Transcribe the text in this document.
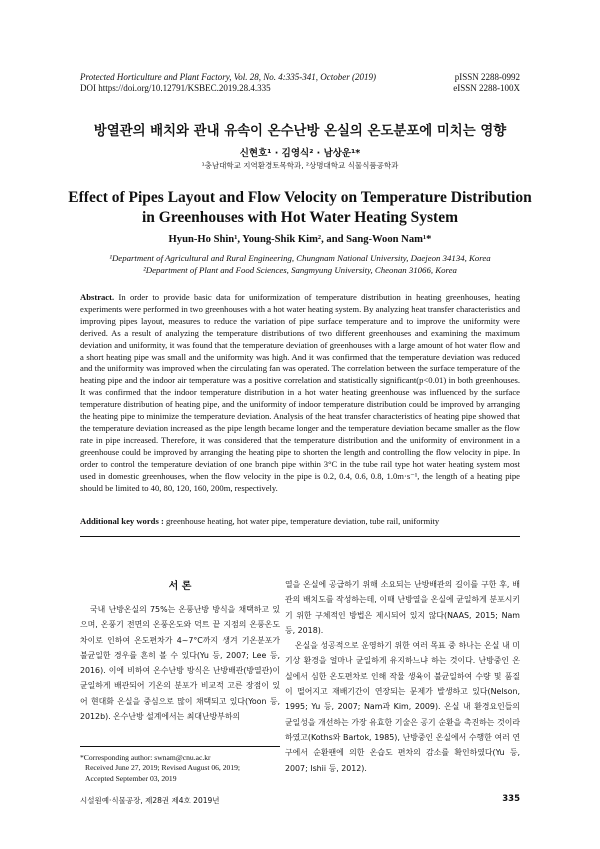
Protected Horticulture and Plant Factory, Vol. 28, No. 4:335-341, October (2019)
DOI https://doi.org/10.12791/KSBEC.2019.28.4.335
pISSN 2288-0992
eISSN 2288-100X
방열관의 배치와 관내 유속이 온수난방 온실의 온도분포에 미치는 영향
신현호¹ · 김영식² · 남상운¹*
¹충남대학교 지역환경토목학과, ²상명대학교 식물식품공학과
Effect of Pipes Layout and Flow Velocity on Temperature Distribution
in Greenhouses with Hot Water Heating System
Hyun-Ho Shin¹, Young-Shik Kim², and Sang-Woon Nam¹*
¹Department of Agricultural and Rural Engineering, Chungnam National University, Daejeon 34134, Korea
²Department of Plant and Food Sciences, Sangmyung University, Cheonan 31066, Korea
Abstract. In order to provide basic data for uniformization of temperature distribution in heating greenhouses, heating experiments were performed in two greenhouses with a hot water heating system. By analyzing heat transfer characteristics and improving pipes layout, measures to reduce the variation of pipe surface temperature and to improve the uniformity were derived. As a result of analyzing the temperature distributions of two different greenhouses and examining the maximum deviation and uniformity, it was found that the temperature deviation of greenhouses with a large amount of hot water flow and a short heating pipe was small and the uniformity was high. And it was confirmed that the temperature deviation was reduced and the uniformity was improved when the circulating fan was operated. The correlation between the surface temperature of the heating pipe and the indoor air temperature was a positive correlation and statistically significant(p<0.01) in both greenhouses. It was confirmed that the indoor temperature distribution in a hot water heating greenhouse was influenced by the surface temperature distribution of heating pipe, and the uniformity of indoor temperature distribution could be improved by arranging the heating pipe to minimize the temperature deviation. Analysis of the heat transfer characteristics of heating pipe showed that the temperature deviation increased as the pipe length became longer and the temperature deviation became smaller as the flow rate in pipe increased. Therefore, it was considered that the temperature distribution and the uniformity of environment in a greenhouse could be improved by arranging the heating pipe to shorten the length and controlling the flow velocity in pipe. In order to control the temperature deviation of one branch pipe within 3°C in the tube rail type hot water heating system most used in domestic greenhouses, when the flow velocity in the pipe is 0.2, 0.4, 0.6, 0.8, 1.0m·s⁻¹, the length of a heating pipe should be limited to 40, 80, 120, 160, 200m, respectively.
Additional key words : greenhouse heating, hot water pipe, temperature deviation, tube rail, uniformity
서 론

국내 난방온실의 75%는 온풍난방 방식을 채택하고 있으며, 온풍기 전면의 온풍온도와 덕트 끝 지점의 온풍온도 차이로 인하여 온도편차가 4~7°C까지 생겨 기온분포가 불균일한 경우를 흔히 볼 수 있다(Yu 등, 2007; Lee 등, 2016). 이에 비하여 온수난방 방식은 난방배관(방열관)이 균일하게 배관되어 기온의 분포가 비교적 고른 장점이 있어 현대화 온실을 중심으로 많이 채택되고 있다(Yoon 등, 2012b). 온수난방 설계에서는 최대난방부하의

*Corresponding author: swnam@cnu.ac.kr

Received June 27, 2019; Revised August 06, 2019;

Accepted September 03, 2019

열을 온실에 공급하기 위해 소요되는 난방배관의 길이를 구한 후, 배관의 배치도를 작성하는데, 이때 난방열을 온실에 균일하게 분포시키기 위한 구체적인 방법은 제시되어 있지 않다(NAAS, 2015; Nam 등, 2018).

온실을 성공적으로 운영하기 위한 여러 목표 중 하나는 온실 내 미기상 환경을 얼마나 균일하게 유지하느냐 하는 것이다. 난방중인 온실에서 심한 온도편차로 인해 작물 생육이 불균일하여 수량 및 품질이 떨어지고 재배기간이 연장되는 문제가 발생하고 있다(Nelson, 1995; Yu 등, 2007; Nam과 Kim, 2009). 온실 내 환경요인들의 균일성을 개선하는 가장 유효한 기술은 공기 순환을 촉진하는 것이라 하였고(Koths와 Bartok, 1985), 난방중인 온실에서 수행한 여러 연구에서 순환팬에 의한 온습도 편차의 감소를 확인하였다(Yu 등, 2007; Ishii 등, 2012).

시설원예·식물공장, 제28권 제4호 2019년	335
